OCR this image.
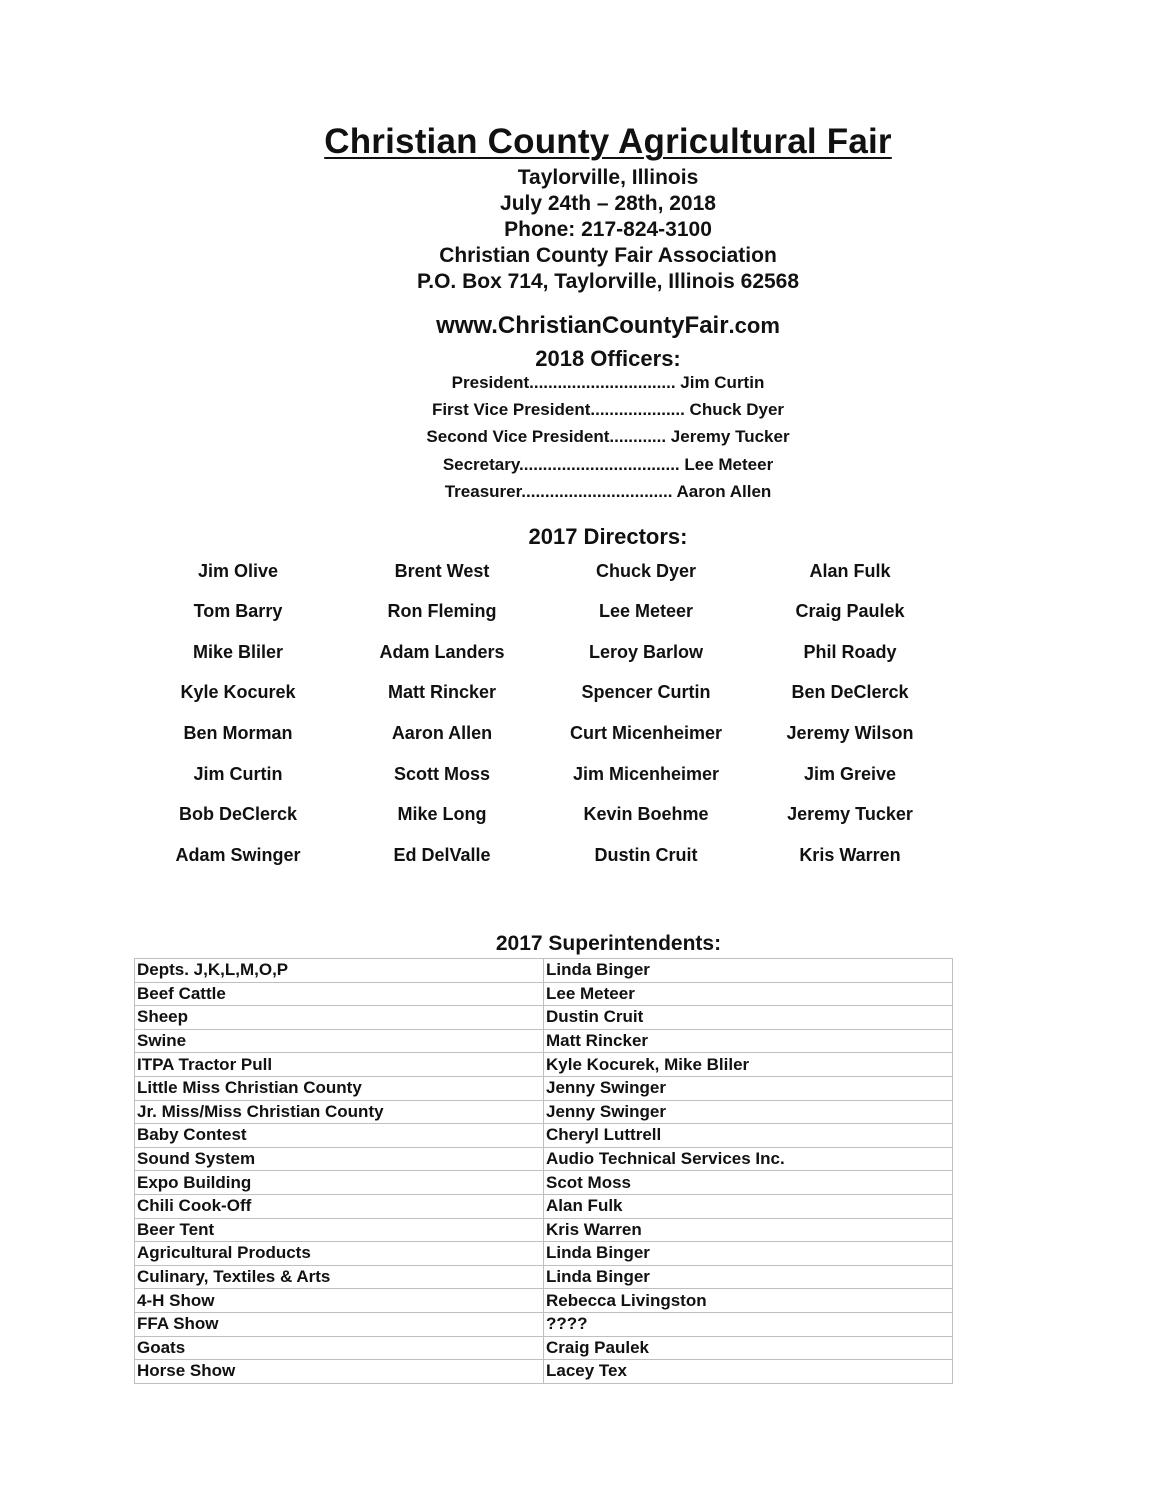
Christian County Agricultural Fair
Taylorville, Illinois
July 24th – 28th, 2018
Phone: 217-824-3100
Christian County Fair Association
P.O. Box 714, Taylorville, Illinois 62568
www.ChristianCountyFair.com
2018 Officers:
President............................... Jim Curtin
First Vice President.................... Chuck Dyer
Second Vice President............ Jeremy Tucker
Secretary.................................. Lee Meteer
Treasurer................................ Aaron Allen
2017 Directors:
Jim Olive	Brent West	Chuck Dyer	Alan Fulk
Tom Barry	Ron Fleming	Lee Meteer	Craig Paulek
Mike Bliler	Adam Landers	Leroy Barlow	Phil Roady
Kyle Kocurek	Matt Rincker	Spencer Curtin	Ben DeClerck
Ben Morman	Aaron Allen	Curt Micenheimer	Jeremy Wilson
Jim Curtin	Scott Moss	Jim Micenheimer	Jim Greive
Bob DeClerck	Mike Long	Kevin Boehme	Jeremy Tucker
Adam Swinger	Ed DelValle	Dustin Cruit	Kris Warren
2017 Superintendents:
Depts. J,K,L,M,O,P	Linda Binger
Beef Cattle	Lee Meteer
Sheep	Dustin Cruit
Swine	Matt Rincker
ITPA Tractor Pull	Kyle Kocurek, Mike Bliler
Little Miss Christian County	Jenny Swinger
Jr. Miss/Miss Christian County	Jenny Swinger
Baby Contest	Cheryl Luttrell
Sound System	Audio Technical Services Inc.
Expo Building	Scot Moss
Chili Cook-Off	Alan Fulk
Beer Tent	Kris Warren
Agricultural Products	Linda Binger
Culinary, Textiles & Arts	Linda Binger
4-H Show	Rebecca Livingston
FFA Show	????
Goats	Craig Paulek
Horse Show	Lacey Tex
